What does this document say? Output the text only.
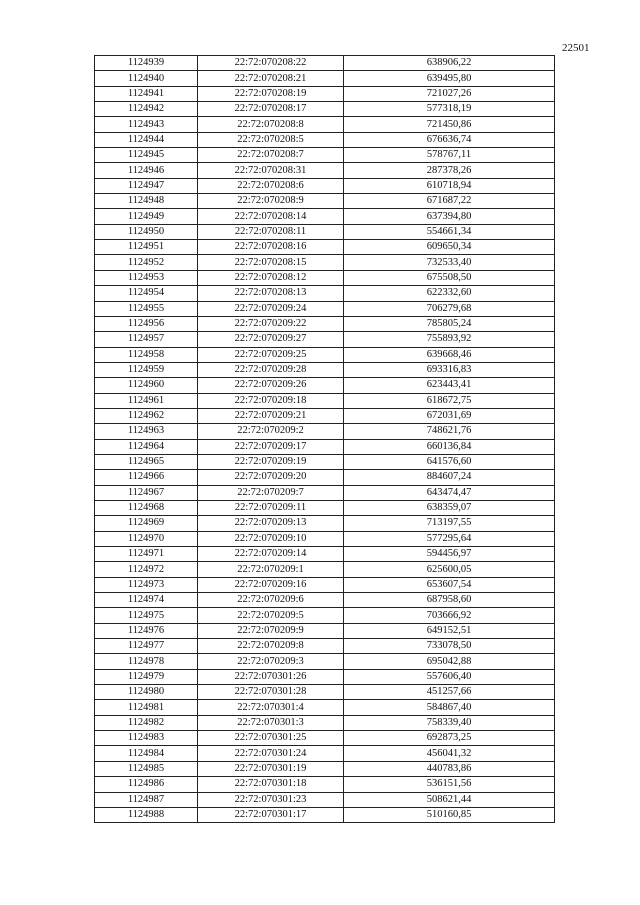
22501
1124939	22:72:070208:22	638906,22
1124940	22:72:070208:21	639495,80
1124941	22:72:070208:19	721027,26
1124942	22:72:070208:17	577318,19
1124943	22:72:070208:8	721450,86
1124944	22:72:070208:5	676636,74
1124945	22:72:070208:7	578767,11
1124946	22:72:070208:31	287378,26
1124947	22:72:070208:6	610718,94
1124948	22:72:070208:9	671687,22
1124949	22:72:070208:14	637394,80
1124950	22:72:070208:11	554661,34
1124951	22:72:070208:16	609650,34
1124952	22:72:070208:15	732533,40
1124953	22:72:070208:12	675508,50
1124954	22:72:070208:13	622332,60
1124955	22:72:070209:24	706279,68
1124956	22:72:070209:22	785805,24
1124957	22:72:070209:27	755893,92
1124958	22:72:070209:25	639668,46
1124959	22:72:070209:28	693316,83
1124960	22:72:070209:26	623443,41
1124961	22:72:070209:18	618672,75
1124962	22:72:070209:21	672031,69
1124963	22:72:070209:2	748621,76
1124964	22:72:070209:17	660136,84
1124965	22:72:070209:19	641576,60
1124966	22:72:070209:20	884607,24
1124967	22:72:070209:7	643474,47
1124968	22:72:070209:11	638359,07
1124969	22:72:070209:13	713197,55
1124970	22:72:070209:10	577295,64
1124971	22:72:070209:14	594456,97
1124972	22:72:070209:1	625600,05
1124973	22:72:070209:16	653607,54
1124974	22:72:070209:6	687958,60
1124975	22:72:070209:5	703666,92
1124976	22:72:070209:9	649152,51
1124977	22:72:070209:8	733078,50
1124978	22:72:070209:3	695042,88
1124979	22:72:070301:26	557606,40
1124980	22:72:070301:28	451257,66
1124981	22:72:070301:4	584867,40
1124982	22:72:070301:3	758339,40
1124983	22:72:070301:25	692873,25
1124984	22:72:070301:24	456041,32
1124985	22:72:070301:19	440783,86
1124986	22:72:070301:18	536151,56
1124987	22:72:070301:23	508621,44
1124988	22:72:070301:17	510160,85
